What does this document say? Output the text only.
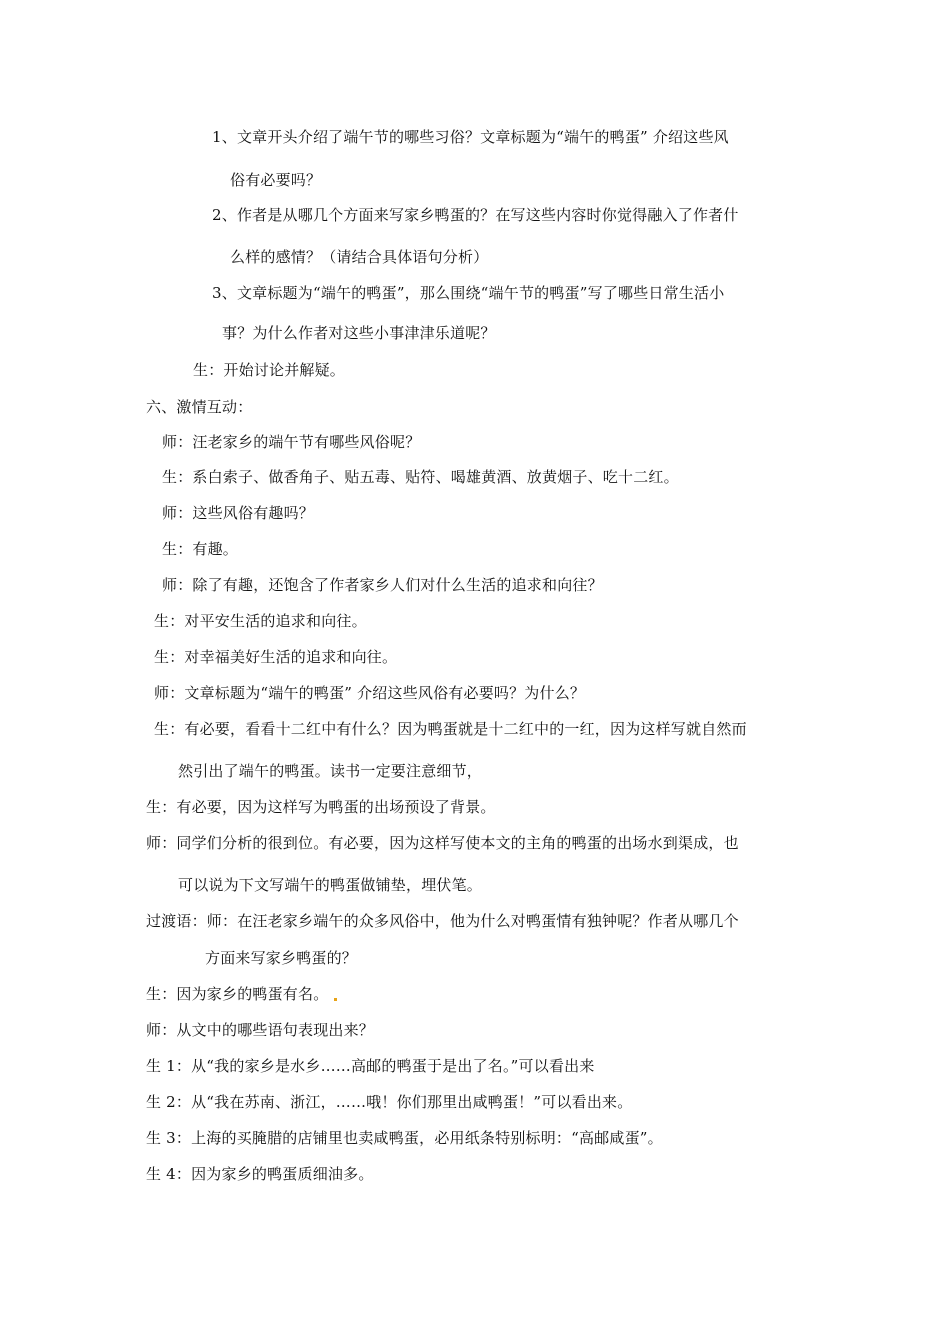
1、文章开头介绍了端午节的哪些习俗？文章标题为“端午的鸭蛋” 介绍这些风
俗有必要吗？
2、作者是从哪几个方面来写家乡鸭蛋的？在写这些内容时你觉得融入了作者什
么样的感情？（请结合具体语句分析）
3、文章标题为“端午的鸭蛋”，那么围绕“端午节的鸭蛋”写了哪些日常生活小
事？为什么作者对这些小事津津乐道呢？
生：开始讨论并解疑。
六、激情互动：
师：汪老家乡的端午节有哪些风俗呢？
生：系白索子、做香角子、贴五毒、贴符、喝雄黄酒、放黄烟子、吃十二红。
师：这些风俗有趣吗？
生：有趣。
师：除了有趣，还饱含了作者家乡人们对什么生活的追求和向往？
生：对平安生活的追求和向往。
生：对幸福美好生活的追求和向往。
师：文章标题为“端午的鸭蛋” 介绍这些风俗有必要吗？为什么？
生：有必要，看看十二红中有什么？因为鸭蛋就是十二红中的一红，因为这样写就自然而
然引出了端午的鸭蛋。读书一定要注意细节，
生：有必要，因为这样写为鸭蛋的出场预设了背景。
师：同学们分析的很到位。有必要，因为这样写使本文的主角的鸭蛋的出场水到渠成，也
可以说为下文写端午的鸭蛋做铺垫，埋伏笔。
过渡语：师：在汪老家乡端午的众多风俗中，他为什么对鸭蛋情有独钟呢？作者从哪几个
方面来写家乡鸭蛋的？
生：因为家乡的鸭蛋有名。
师：从文中的哪些语句表现出来？
生 1：从“我的家乡是水乡……高邮的鸭蛋于是出了名。”可以看出来
生 2：从“我在苏南、浙江，……哦！你们那里出咸鸭蛋！”可以看出来。
生 3：上海的买腌腊的店铺里也卖咸鸭蛋，必用纸条特别标明：“高邮咸蛋”。
生 4：因为家乡的鸭蛋质细油多。
